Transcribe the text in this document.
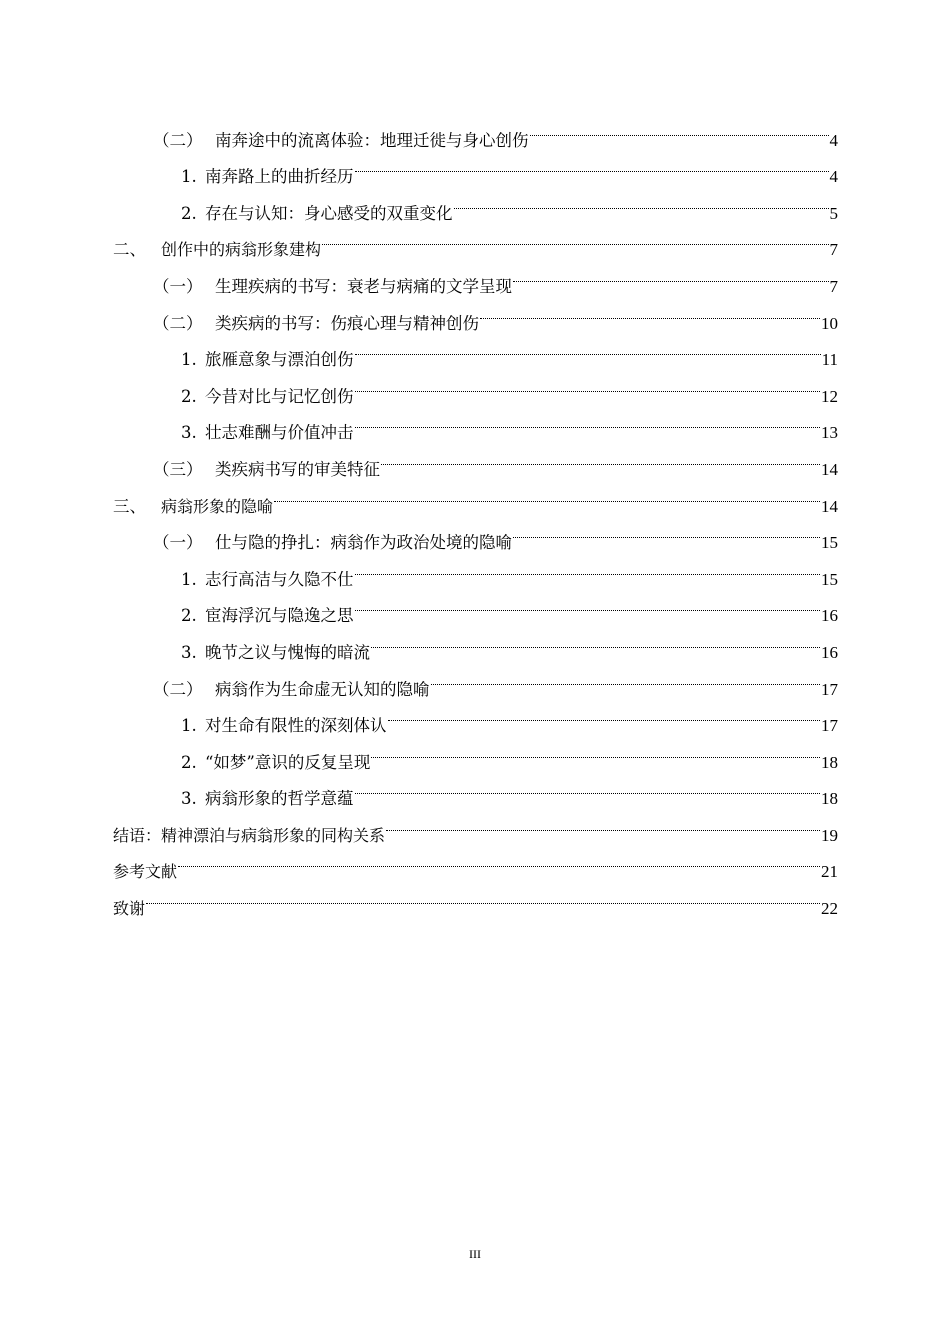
（二） 南奔途中的流离体验：地理迁徙与身心创伤	4
1. 南奔路上的曲折经历	4
2. 存在与认知：身心感受的双重变化	5
二、 创作中的病翁形象建构	7
（一） 生理疾病的书写：衰老与病痛的文学呈现	7
（二） 类疾病的书写：伤痕心理与精神创伤	10
1. 旅雁意象与漂泊创伤	11
2. 今昔对比与记忆创伤	12
3. 壮志难酬与价值冲击	13
（三） 类疾病书写的审美特征	14
三、 病翁形象的隐喻	14
（一） 仕与隐的挣扎：病翁作为政治处境的隐喻	15
1. 志行高洁与久隐不仕	15
2. 宦海浮沉与隐逸之思	16
3. 晚节之议与愧悔的暗流	16
（二） 病翁作为生命虚无认知的隐喻	17
1. 对生命有限性的深刻体认	17
2. “如梦”意识的反复呈现	18
3. 病翁形象的哲学意蕴	18
结语：精神漂泊与病翁形象的同构关系	19
参考文献	21
致谢	22
III
